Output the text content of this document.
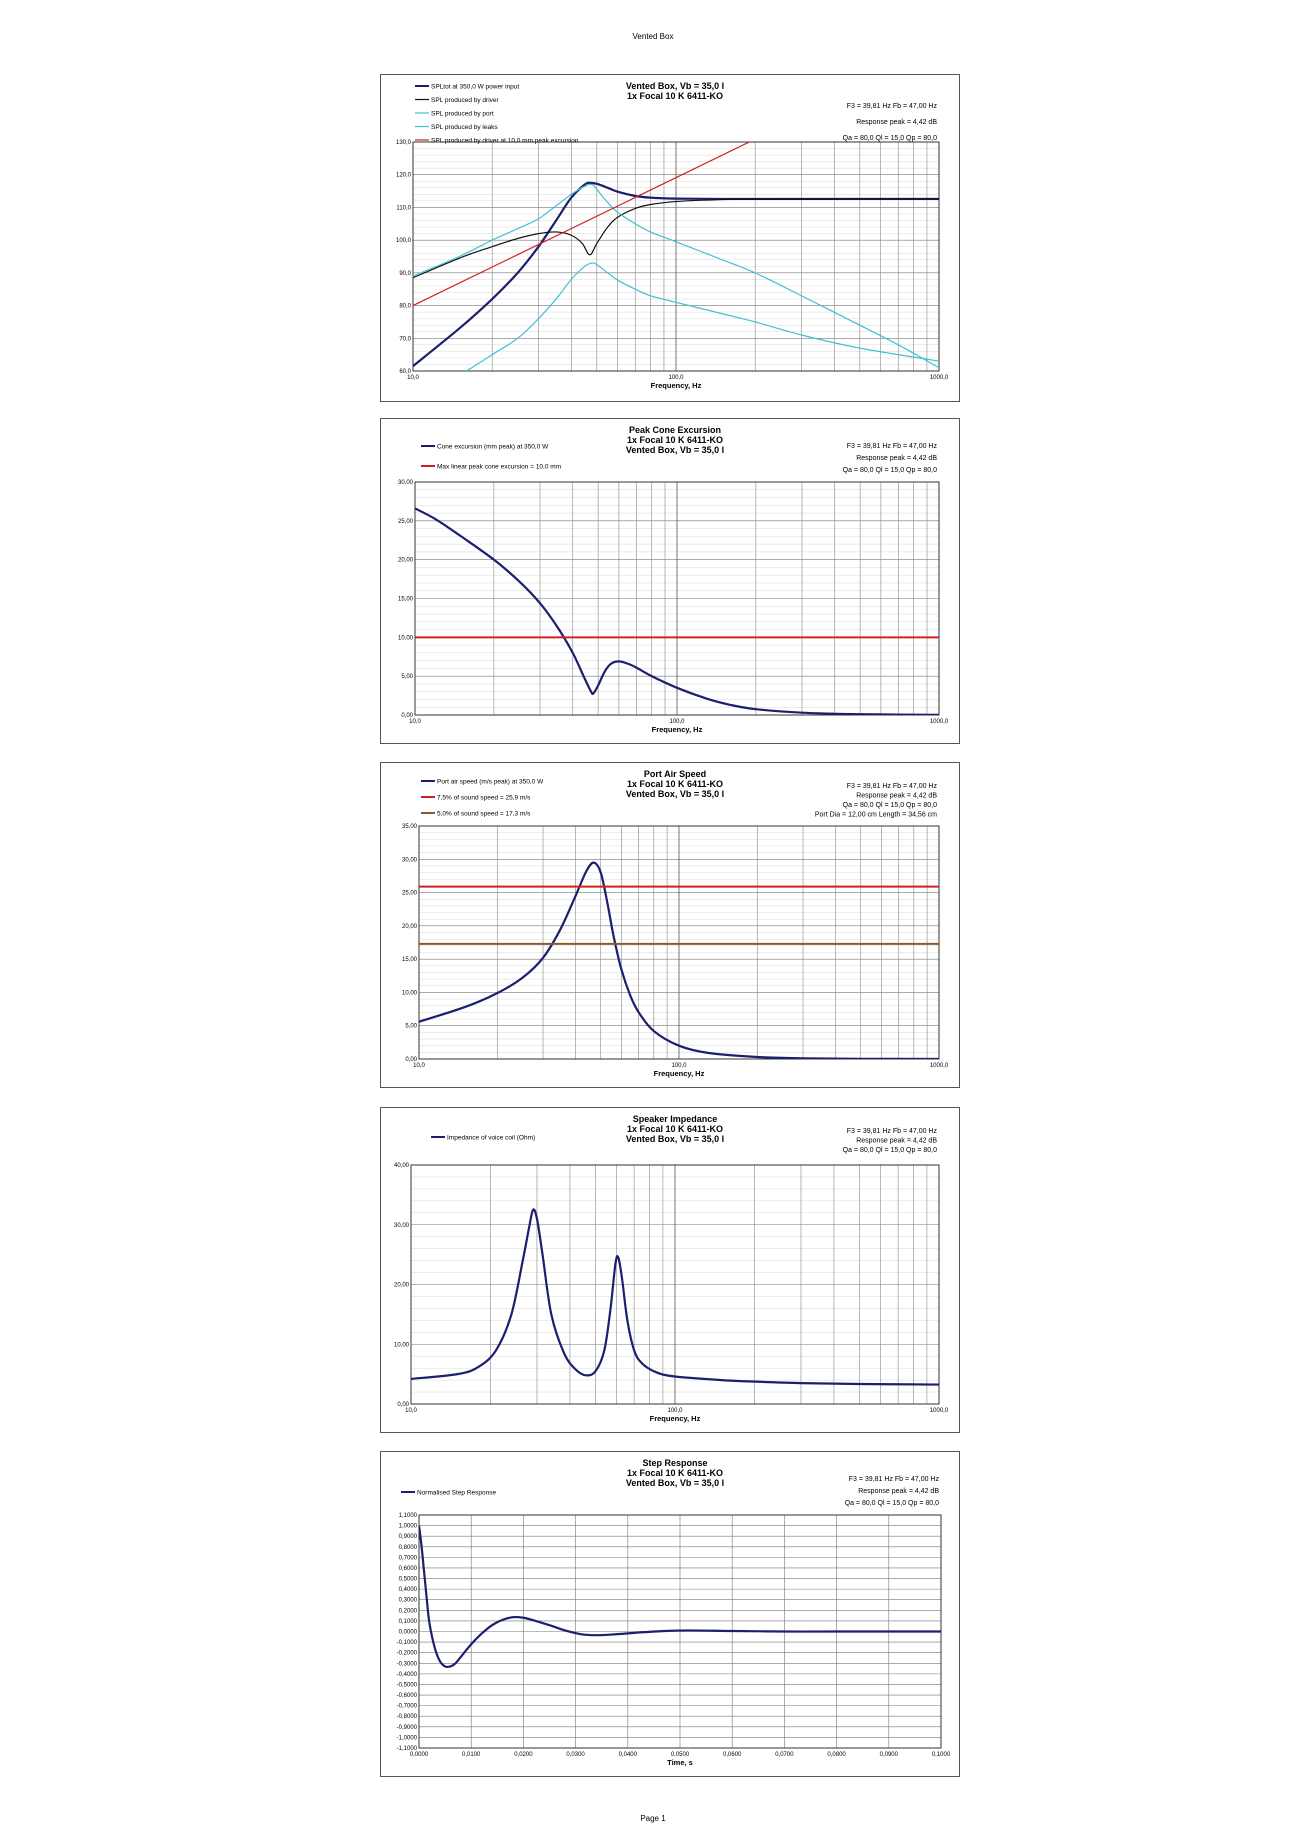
Vented Box
60,0
70,0
80,0
90,0
100,0
110,0
120,0
130,0
10,0	100,0	1000,0
Frequency, Hz
Vented Box, Vb = 35,0 l
1x Focal 10 K 6411-KO
F3 = 39,81 Hz Fb = 47,00 Hz
Response peak = 4,42 dB
Qa = 80,0 Ql = 15,0 Qp = 80,0
SPLtot at 350,0 W power input
SPL produced by driver
SPL produced by port
SPL produced by leaks
SPL produced by driver at 10,0 mm peak excursion
0,00
5,00
10,00
15,00
20,00
25,00
30,00
10,0	100,0	1000,0
Frequency, Hz
Peak Cone Excursion
1x Focal 10 K 6411-KO
Vented Box, Vb = 35,0 l	F3 = 39,81 Hz Fb = 47,00 Hz
Response peak = 4,42 dB
Qa = 80,0 Ql = 15,0 Qp = 80,0
Cone excursion (mm peak) at 350,0 W
Max linear peak cone excursion = 10,0 mm
0,00
5,00
10,00
15,00
20,00
25,00
30,00
35,00
10,0	100,0	1000,0
Frequency, Hz
Port Air Speed
1x Focal 10 K 6411-KO
Vented Box, Vb = 35,0 l
F3 = 39,81 Hz Fb = 47,00 Hz
Response peak = 4,42 dB
Qa = 80,0 Ql = 15,0 Qp = 80,0
Port Dia = 12,00 cm Length = 34,56 cm
Port air speed (m/s peak) at 350,0 W
7,5% of sound speed = 25,9 m/s
5,0% of sound speed = 17,3 m/s
0,00
10,00
20,00
30,00
40,00
10,0	100,0	1000,0
Frequency, Hz
Speaker Impedance
1x Focal 10 K 6411-KO
Vented Box, Vb = 35,0 l
F3 = 39,81 Hz Fb = 47,00 Hz
Response peak = 4,42 dB
Qa = 80,0 Ql = 15,0 Qp = 80,0
Impedance of voice coil (Ohm)
-1,1000
-1,0000
-0,9000
-0,8000
-0,7000
-0,6000
-0,5000
-0,4000
-0,3000
-0,2000
-0,1000
0,0000
0,1000
0,2000
0,3000
0,4000
0,5000
0,6000
0,7000
0,8000
0,9000
1,0000
1,1000
0,0000	0,0100	0,0200	0,0300	0,0400	0,0500	0,0600	0,0700	0,0800	0,0900	0,1000
Time, s
Step Response
1x Focal 10 K 6411-KO
Vented Box, Vb = 35,0 l	F3 = 39,81 Hz Fb = 47,00 Hz
Response peak = 4,42 dB
Qa = 80,0 Ql = 15,0 Qp = 80,0
Normalised Step Response
Page 1
